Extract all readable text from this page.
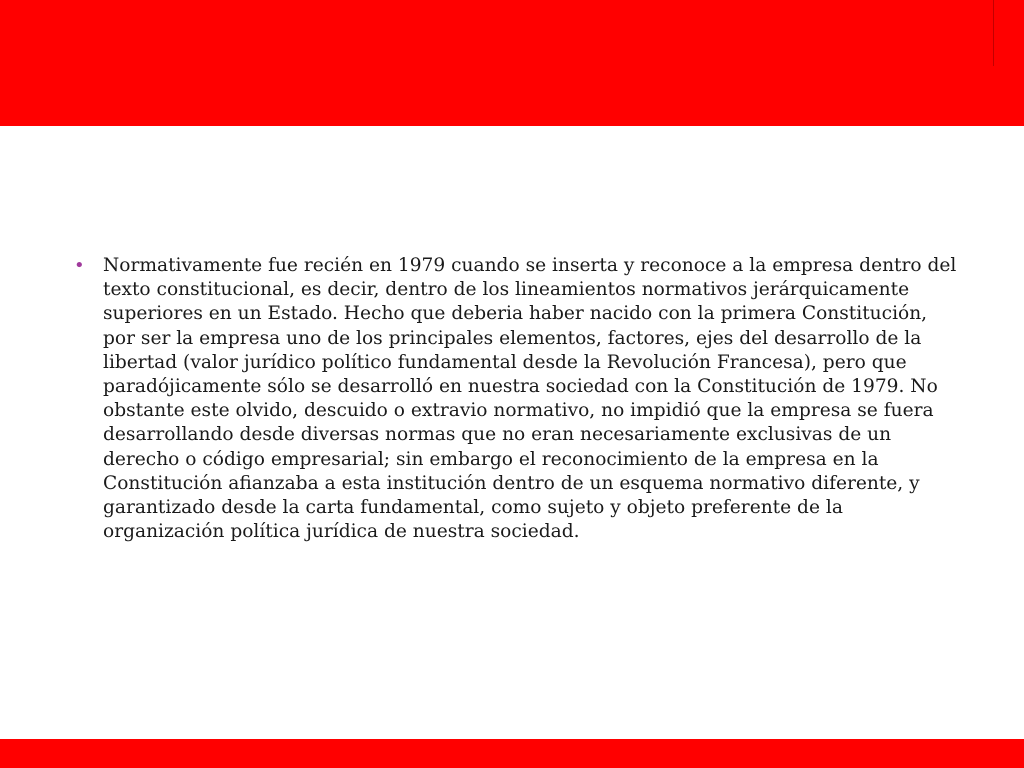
• Normativamente fue recién en 1979 cuando se inserta y reconoce a la empresa dentro del texto constitucional, es decir, dentro de los lineamientos normativos jerárquicamente superiores en un Estado. Hecho que deberia haber nacido con la primera Constitución, por ser la empresa uno de los principales elementos, factores, ejes del desarrollo de la libertad (valor jurídico político fundamental desde la Revolución Francesa), pero que paradójicamente sólo se desarrolló en nuestra sociedad con la Constitución de 1979. No obstante este olvido, descuido o extravio normativo, no impidió que la empresa se fuera desarrollando desde diversas normas que no eran necesariamente exclusivas de un derecho o código empresarial; sin embargo el reconocimiento de la empresa en la Constitución afianzaba a esta institución dentro de un esquema normativo diferente, y garantizado desde la carta fundamental, como sujeto y objeto preferente de la organización política jurídica de nuestra sociedad.
